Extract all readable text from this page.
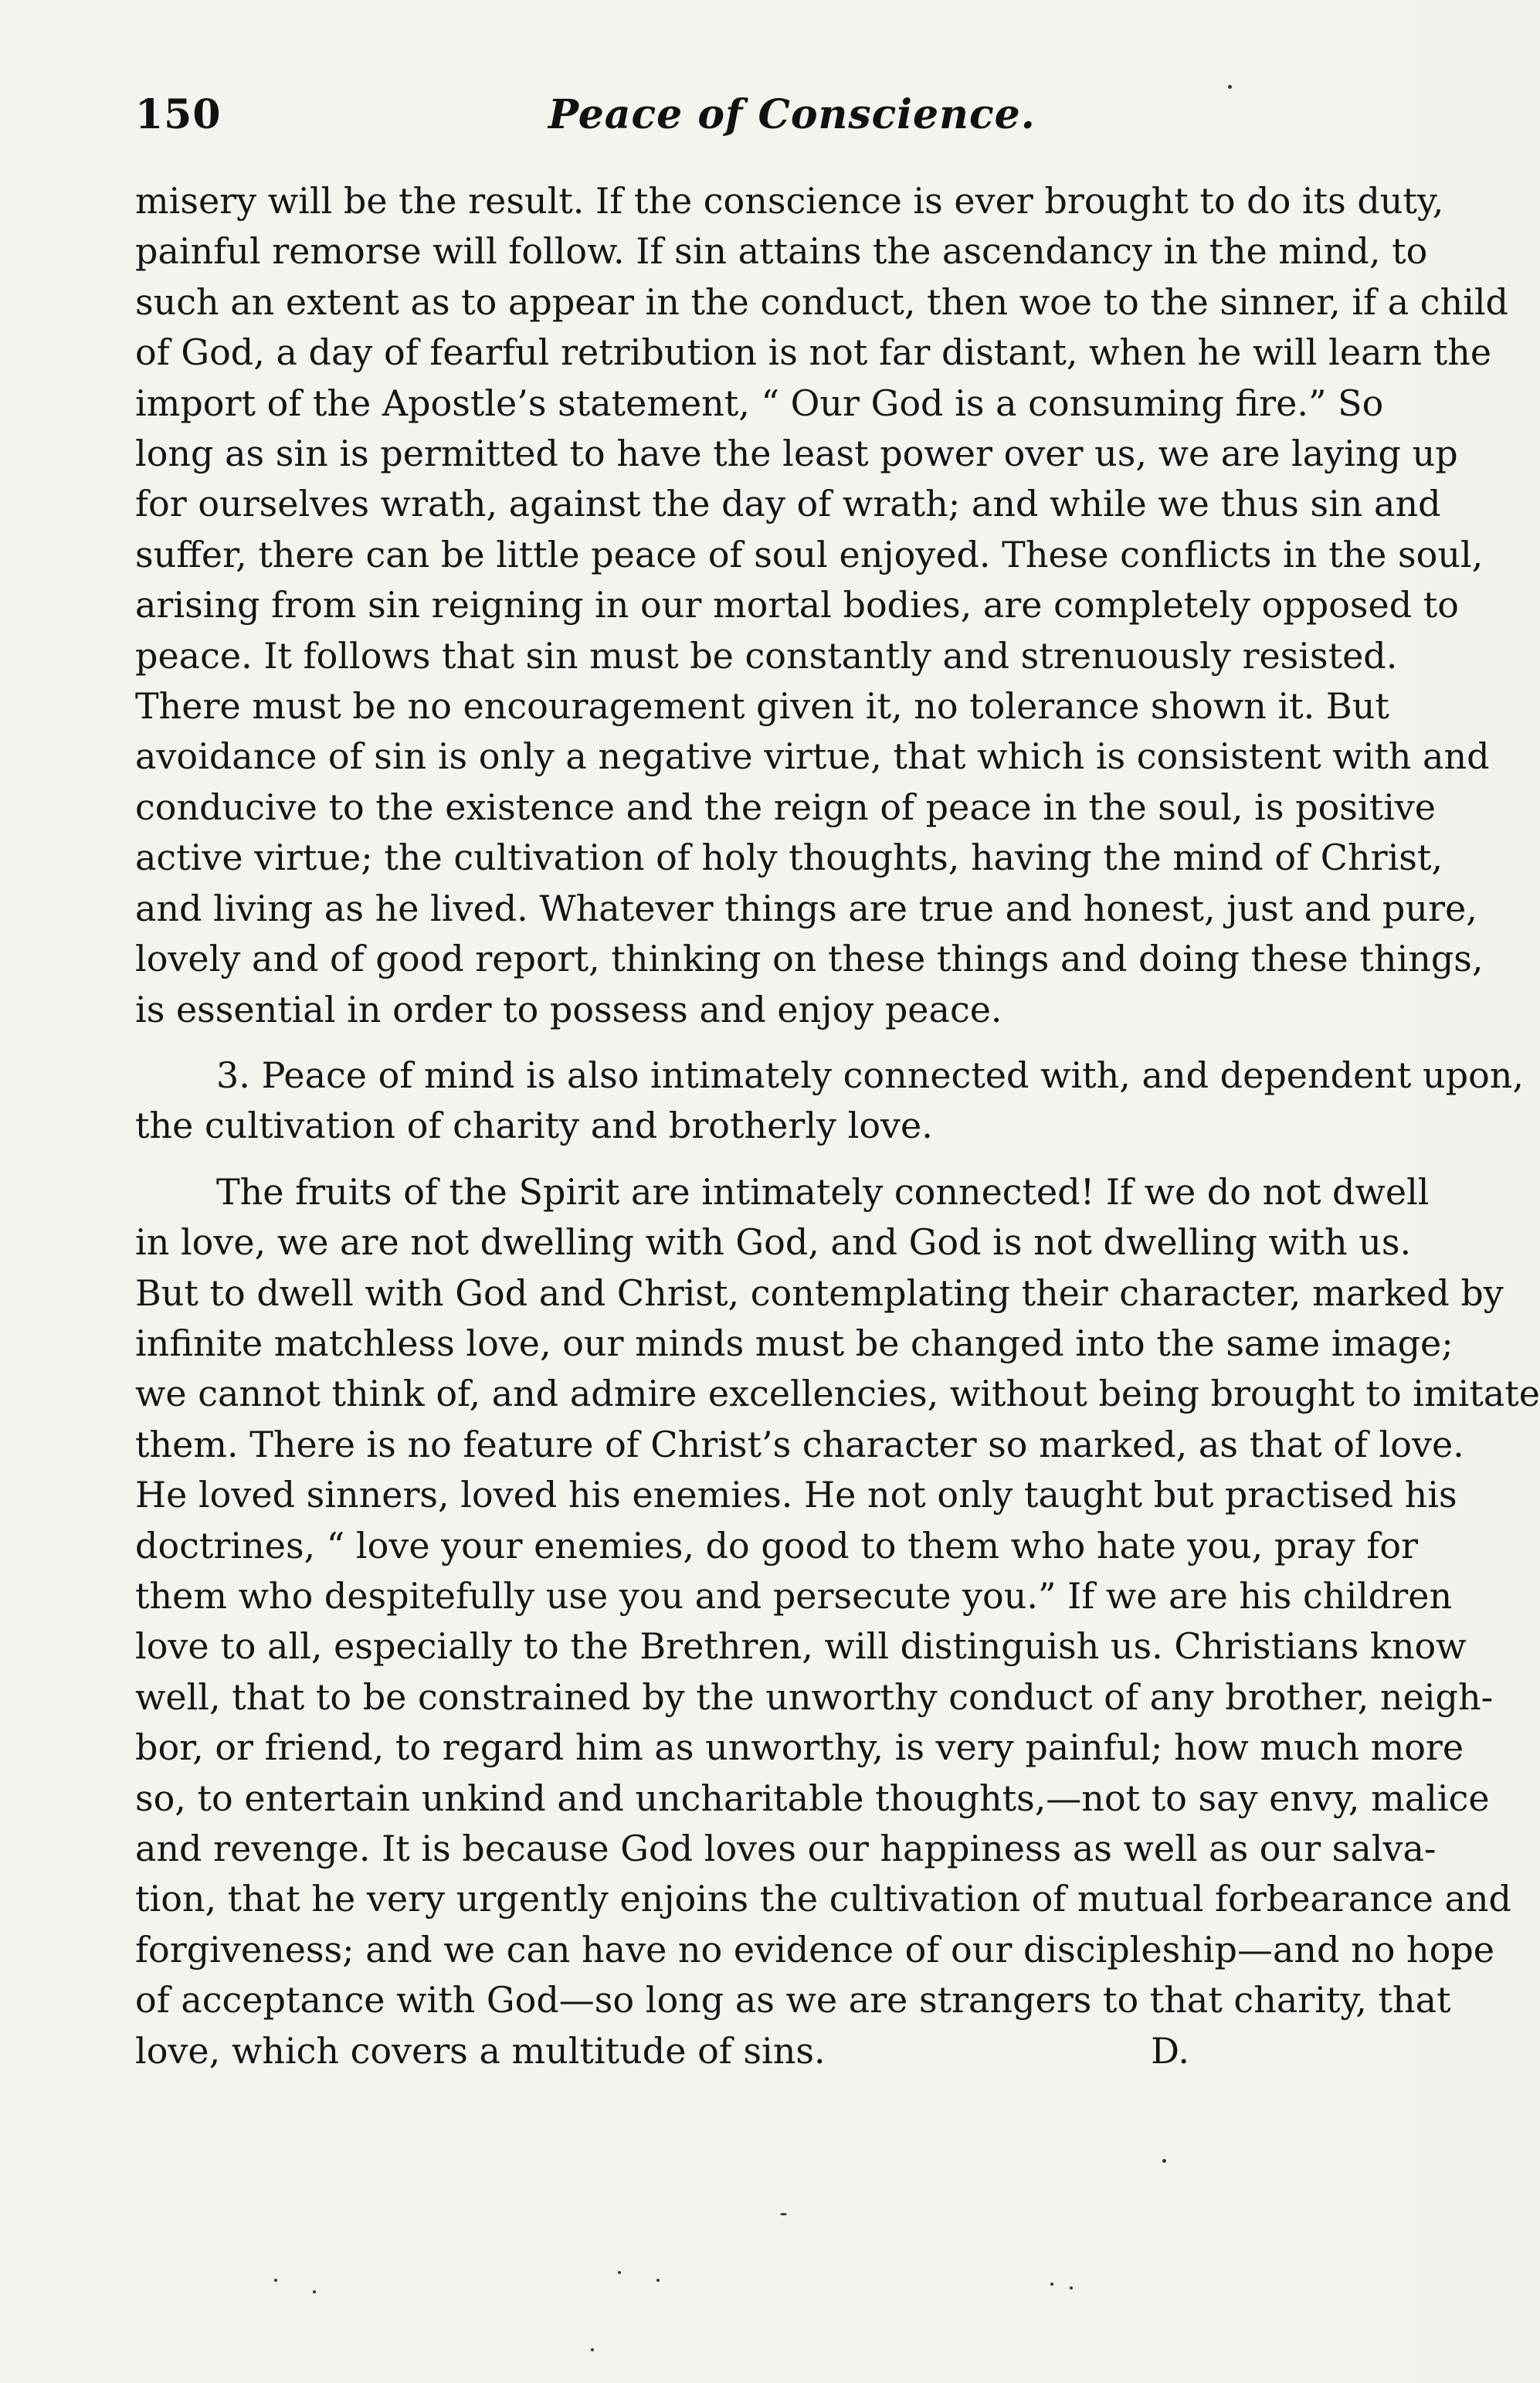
150	Peace of Conscience.
misery will be the result. If the conscience is ever brought to do its duty,
painful remorse will follow. If sin attains the ascendancy in the mind, to
such an extent as to appear in the conduct, then woe to the sinner, if a child
of God, a day of fearful retribution is not far distant, when he will learn the
import of the Apostle’s statement, “ Our God is a consuming fire.” So
long as sin is permitted to have the least power over us, we are laying up
for ourselves wrath, against the day of wrath; and while we thus sin and
suffer, there can be little peace of soul enjoyed. These conflicts in the soul,
arising from sin reigning in our mortal bodies, are completely opposed to
peace. It follows that sin must be constantly and strenuously resisted.
There must be no encouragement given it, no tolerance shown it. But
avoidance of sin is only a negative virtue, that which is consistent with and
conducive to the existence and the reign of peace in the soul, is positive
active virtue; the cultivation of holy thoughts, having the mind of Christ,
and living as he lived. Whatever things are true and honest, just and pure,
lovely and of good report, thinking on these things and doing these things,
is essential in order to possess and enjoy peace.
3. Peace of mind is also intimately connected with, and dependent upon,
the cultivation of charity and brotherly love.
The fruits of the Spirit are intimately connected! If we do not dwell
in love, we are not dwelling with God, and God is not dwelling with us.
But to dwell with God and Christ, contemplating their character, marked by
infinite matchless love, our minds must be changed into the same image;
we cannot think of, and admire excellencies, without being brought to imitate
them. There is no feature of Christ’s character so marked, as that of love.
He loved sinners, loved his enemies. He not only taught but practised his
doctrines, “ love your enemies, do good to them who hate you, pray for
them who despitefully use you and persecute you.” If we are his children
love to all, especially to the Brethren, will distinguish us. Christians know
well, that to be constrained by the unworthy conduct of any brother, neigh-
bor, or friend, to regard him as unworthy, is very painful; how much more
so, to entertain unkind and uncharitable thoughts,—not to say envy, malice
and revenge. It is because God loves our happiness as well as our salva-
tion, that he very urgently enjoins the cultivation of mutual forbearance and
forgiveness; and we can have no evidence of our discipleship—and no hope
of acceptance with God—so long as we are strangers to that charity, that
love, which covers a multitude of sins.	D.
